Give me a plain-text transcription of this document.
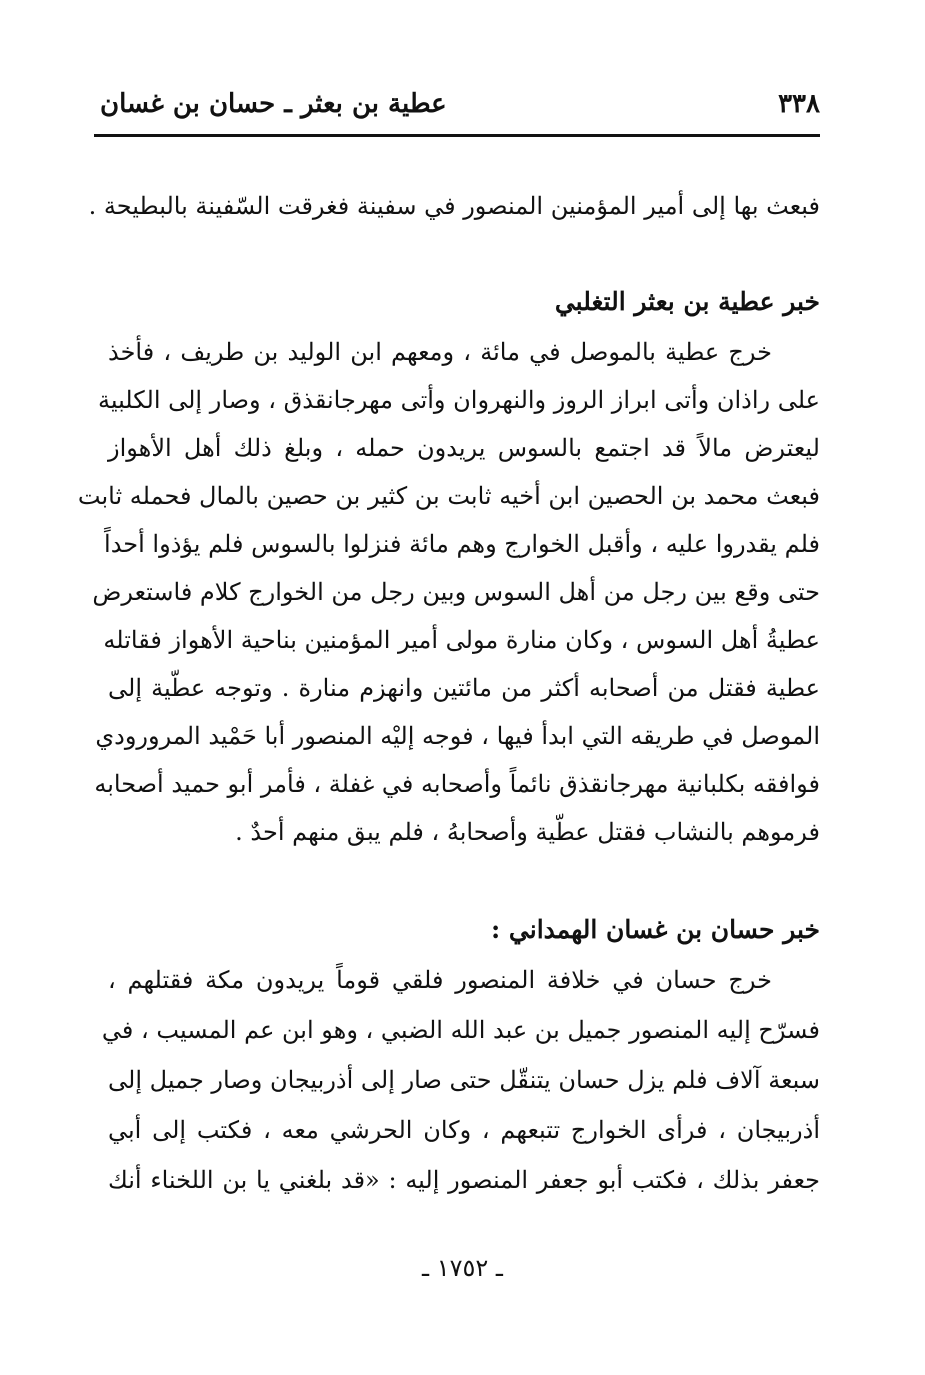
٣٣٨
عطية بن بعثر ـ حسان بن غسان
فبعث بها إلى أمير المؤمنين المنصور في سفينة فغرقت السّفينة بالبطيحة .
خبر عطية بن بعثر التغلبي
خرج عطية بالموصل في مائة ، ومعهم ابن الوليد بن طريف ، فأخذ
على راذان وأتى ابراز الروز والنهروان وأتى مهرجانقذق ، وصار إلى الكلبية
ليعترض مالاً قد اجتمع بالسوس يريدون حمله ، وبلغ ذلك أهل الأهواز
فبعث محمد بن الحصين ابن أخيه ثابت بن كثير بن حصين بالمال فحمله ثابت
فلم يقدروا عليه ، وأقبل الخوارج وهم مائة فنزلوا بالسوس فلم يؤذوا أحداً
حتى وقع بين رجل من أهل السوس وبين رجل من الخوارج كلام فاستعرض
عطيةُ أهل السوس ، وكان منارة مولى أمير المؤمنين بناحية الأهواز فقاتله
عطية فقتل من أصحابه أكثر من مائتين وانهزم منارة . وتوجه عطّية إلى
الموصل في طريقه التي ابدأ فيها ، فوجه إليْه المنصور أبا حَمْيد المرورودي
فوافقه بكلبانية مهرجانقذق نائماً وأصحابه في غفلة ، فأمر أبو حميد أصحابه
فرموهم بالنشاب فقتل عطّية وأصحابهُ ، فلم يبق منهم أحدٌ .
خبر حسان بن غسان الهمداني :
خرج حسان في خلافة المنصور فلقي قوماً يريدون مكة فقتلهم ،
فسرّح إليه المنصور جميل بن عبد الله الضبي ، وهو ابن عم المسيب ، في
سبعة آلاف فلم يزل حسان يتنقّل حتى صار إلى أذربيجان وصار جميل إلى
أذربيجان ، فرأى الخوارج تتبعهم ، وكان الحرشي معه ، فكتب إلى أبي
جعفر بذلك ، فكتب أبو جعفر المنصور إليه : «قد بلغني يا بن اللخناء أنك
ـ ١٧٥٢ ـ
